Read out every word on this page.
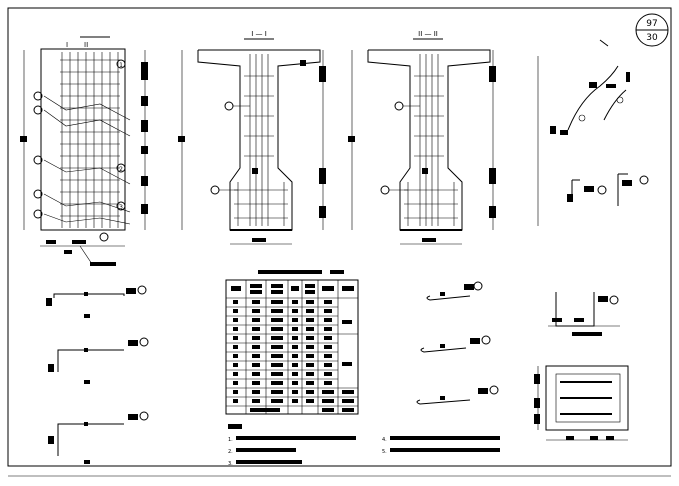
97
30
I II
1
2
3
I — I	II — II
1.
2.
3.
4.
5.
